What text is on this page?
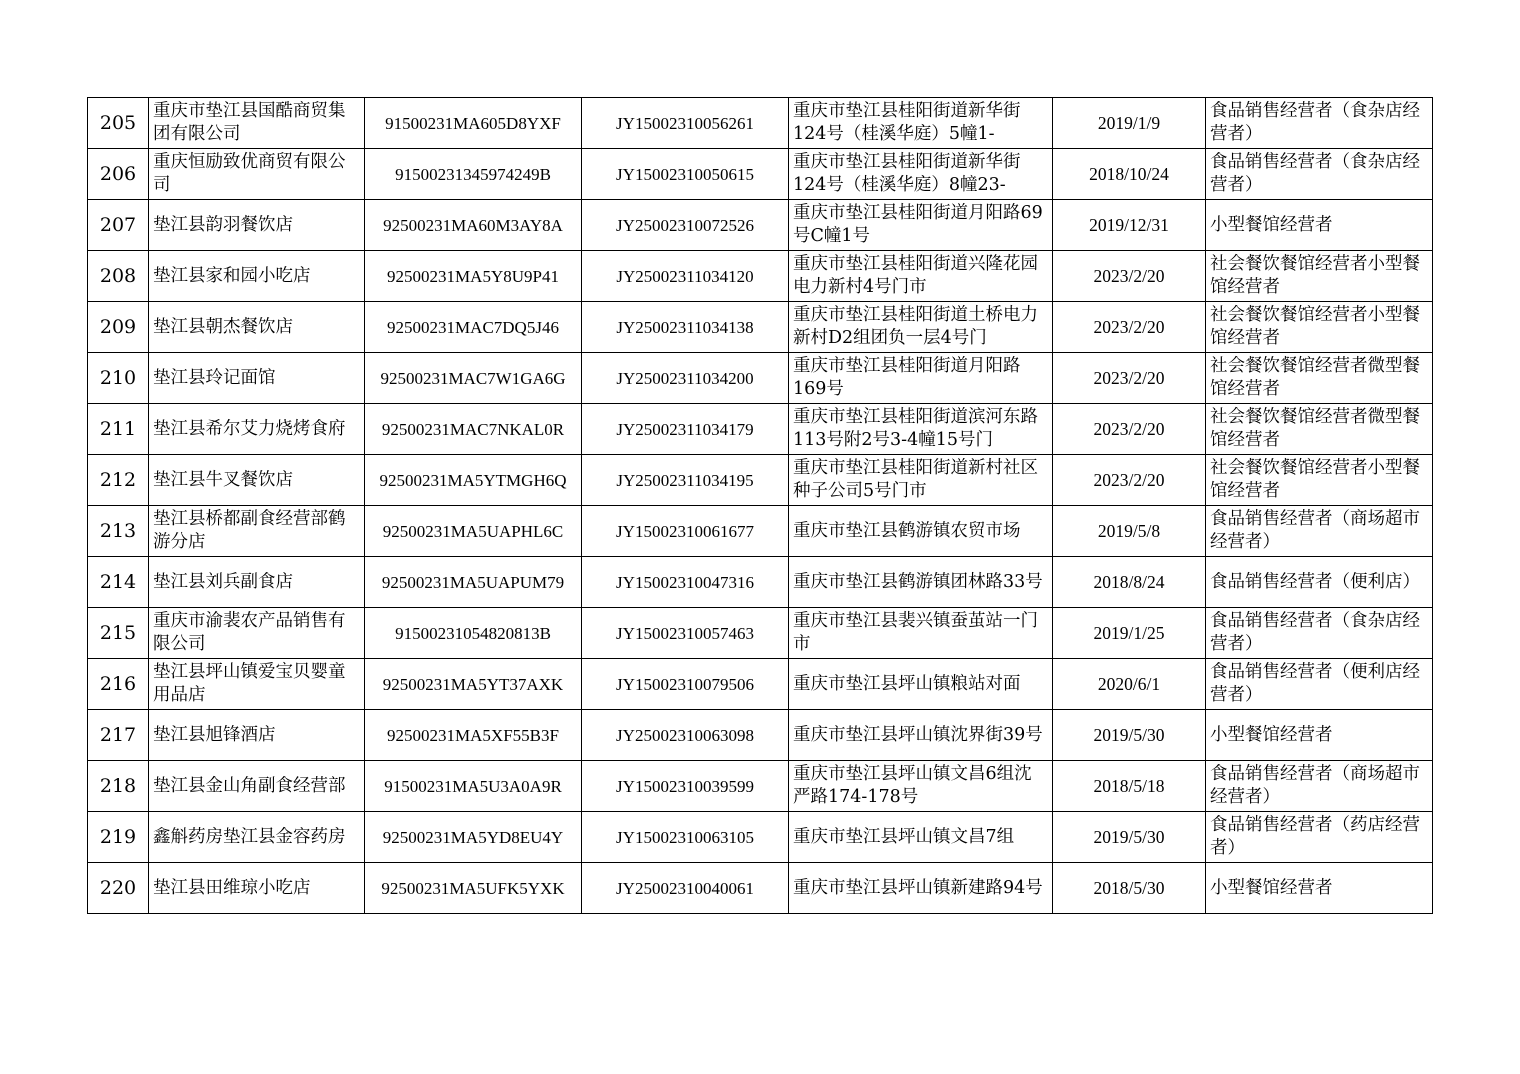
205	重庆市垫江县国酷商贸集团有限公司	91500231MA605D8YXF	JY15002310056261	重庆市垫江县桂阳街道新华街124号（桂溪华庭）5幢1-	2019/1/9	食品销售经营者（食杂店经营者）
206	重庆恒励致优商贸有限公司	91500231345974249B	JY15002310050615	重庆市垫江县桂阳街道新华街124号（桂溪华庭）8幢23-	2018/10/24	食品销售经营者（食杂店经营者）
207	垫江县韵羽餐饮店	92500231MA60M3AY8A	JY25002310072526	重庆市垫江县桂阳街道月阳路69号C幢1号	2019/12/31	小型餐馆经营者
208	垫江县家和园小吃店	92500231MA5Y8U9P41	JY25002311034120	重庆市垫江县桂阳街道兴隆花园电力新村4号门市	2023/2/20	社会餐饮餐馆经营者小型餐馆经营者
209	垫江县朝杰餐饮店	92500231MAC7DQ5J46	JY25002311034138	重庆市垫江县桂阳街道土桥电力新村D2组团负一层4号门	2023/2/20	社会餐饮餐馆经营者小型餐馆经营者
210	垫江县玲记面馆	92500231MAC7W1GA6G	JY25002311034200	重庆市垫江县桂阳街道月阳路169号	2023/2/20	社会餐饮餐馆经营者微型餐馆经营者
211	垫江县希尔艾力烧烤食府	92500231MAC7NKAL0R	JY25002311034179	重庆市垫江县桂阳街道滨河东路113号附2号3-4幢15号门	2023/2/20	社会餐饮餐馆经营者微型餐馆经营者
212	垫江县牛叉餐饮店	92500231MA5YTMGH6Q	JY25002311034195	重庆市垫江县桂阳街道新村社区种子公司5号门市	2023/2/20	社会餐饮餐馆经营者小型餐馆经营者
213	垫江县桥都副食经营部鹤游分店	92500231MA5UAPHL6C	JY15002310061677	重庆市垫江县鹤游镇农贸市场	2019/5/8	食品销售经营者（商场超市经营者）
214	垫江县刘兵副食店	92500231MA5UAPUM79	JY15002310047316	重庆市垫江县鹤游镇团林路33号	2018/8/24	食品销售经营者（便利店）
215	重庆市渝裴农产品销售有限公司	91500231054820813B	JY15002310057463	重庆市垫江县裴兴镇蚕茧站一门市	2019/1/25	食品销售经营者（食杂店经营者）
216	垫江县坪山镇爱宝贝婴童用品店	92500231MA5YT37AXK	JY15002310079506	重庆市垫江县坪山镇粮站对面	2020/6/1	食品销售经营者（便利店经营者）
217	垫江县旭锋酒店	92500231MA5XF55B3F	JY25002310063098	重庆市垫江县坪山镇沈界街39号	2019/5/30	小型餐馆经营者
218	垫江县金山角副食经营部	91500231MA5U3A0A9R	JY15002310039599	重庆市垫江县坪山镇文昌6组沈严路174-178号	2018/5/18	食品销售经营者（商场超市经营者）
219	鑫斛药房垫江县金容药房	92500231MA5YD8EU4Y	JY15002310063105	重庆市垫江县坪山镇文昌7组	2019/5/30	食品销售经营者（药店经营者）
220	垫江县田维琼小吃店	92500231MA5UFK5YXK	JY25002310040061	重庆市垫江县坪山镇新建路94号	2018/5/30	小型餐馆经营者
